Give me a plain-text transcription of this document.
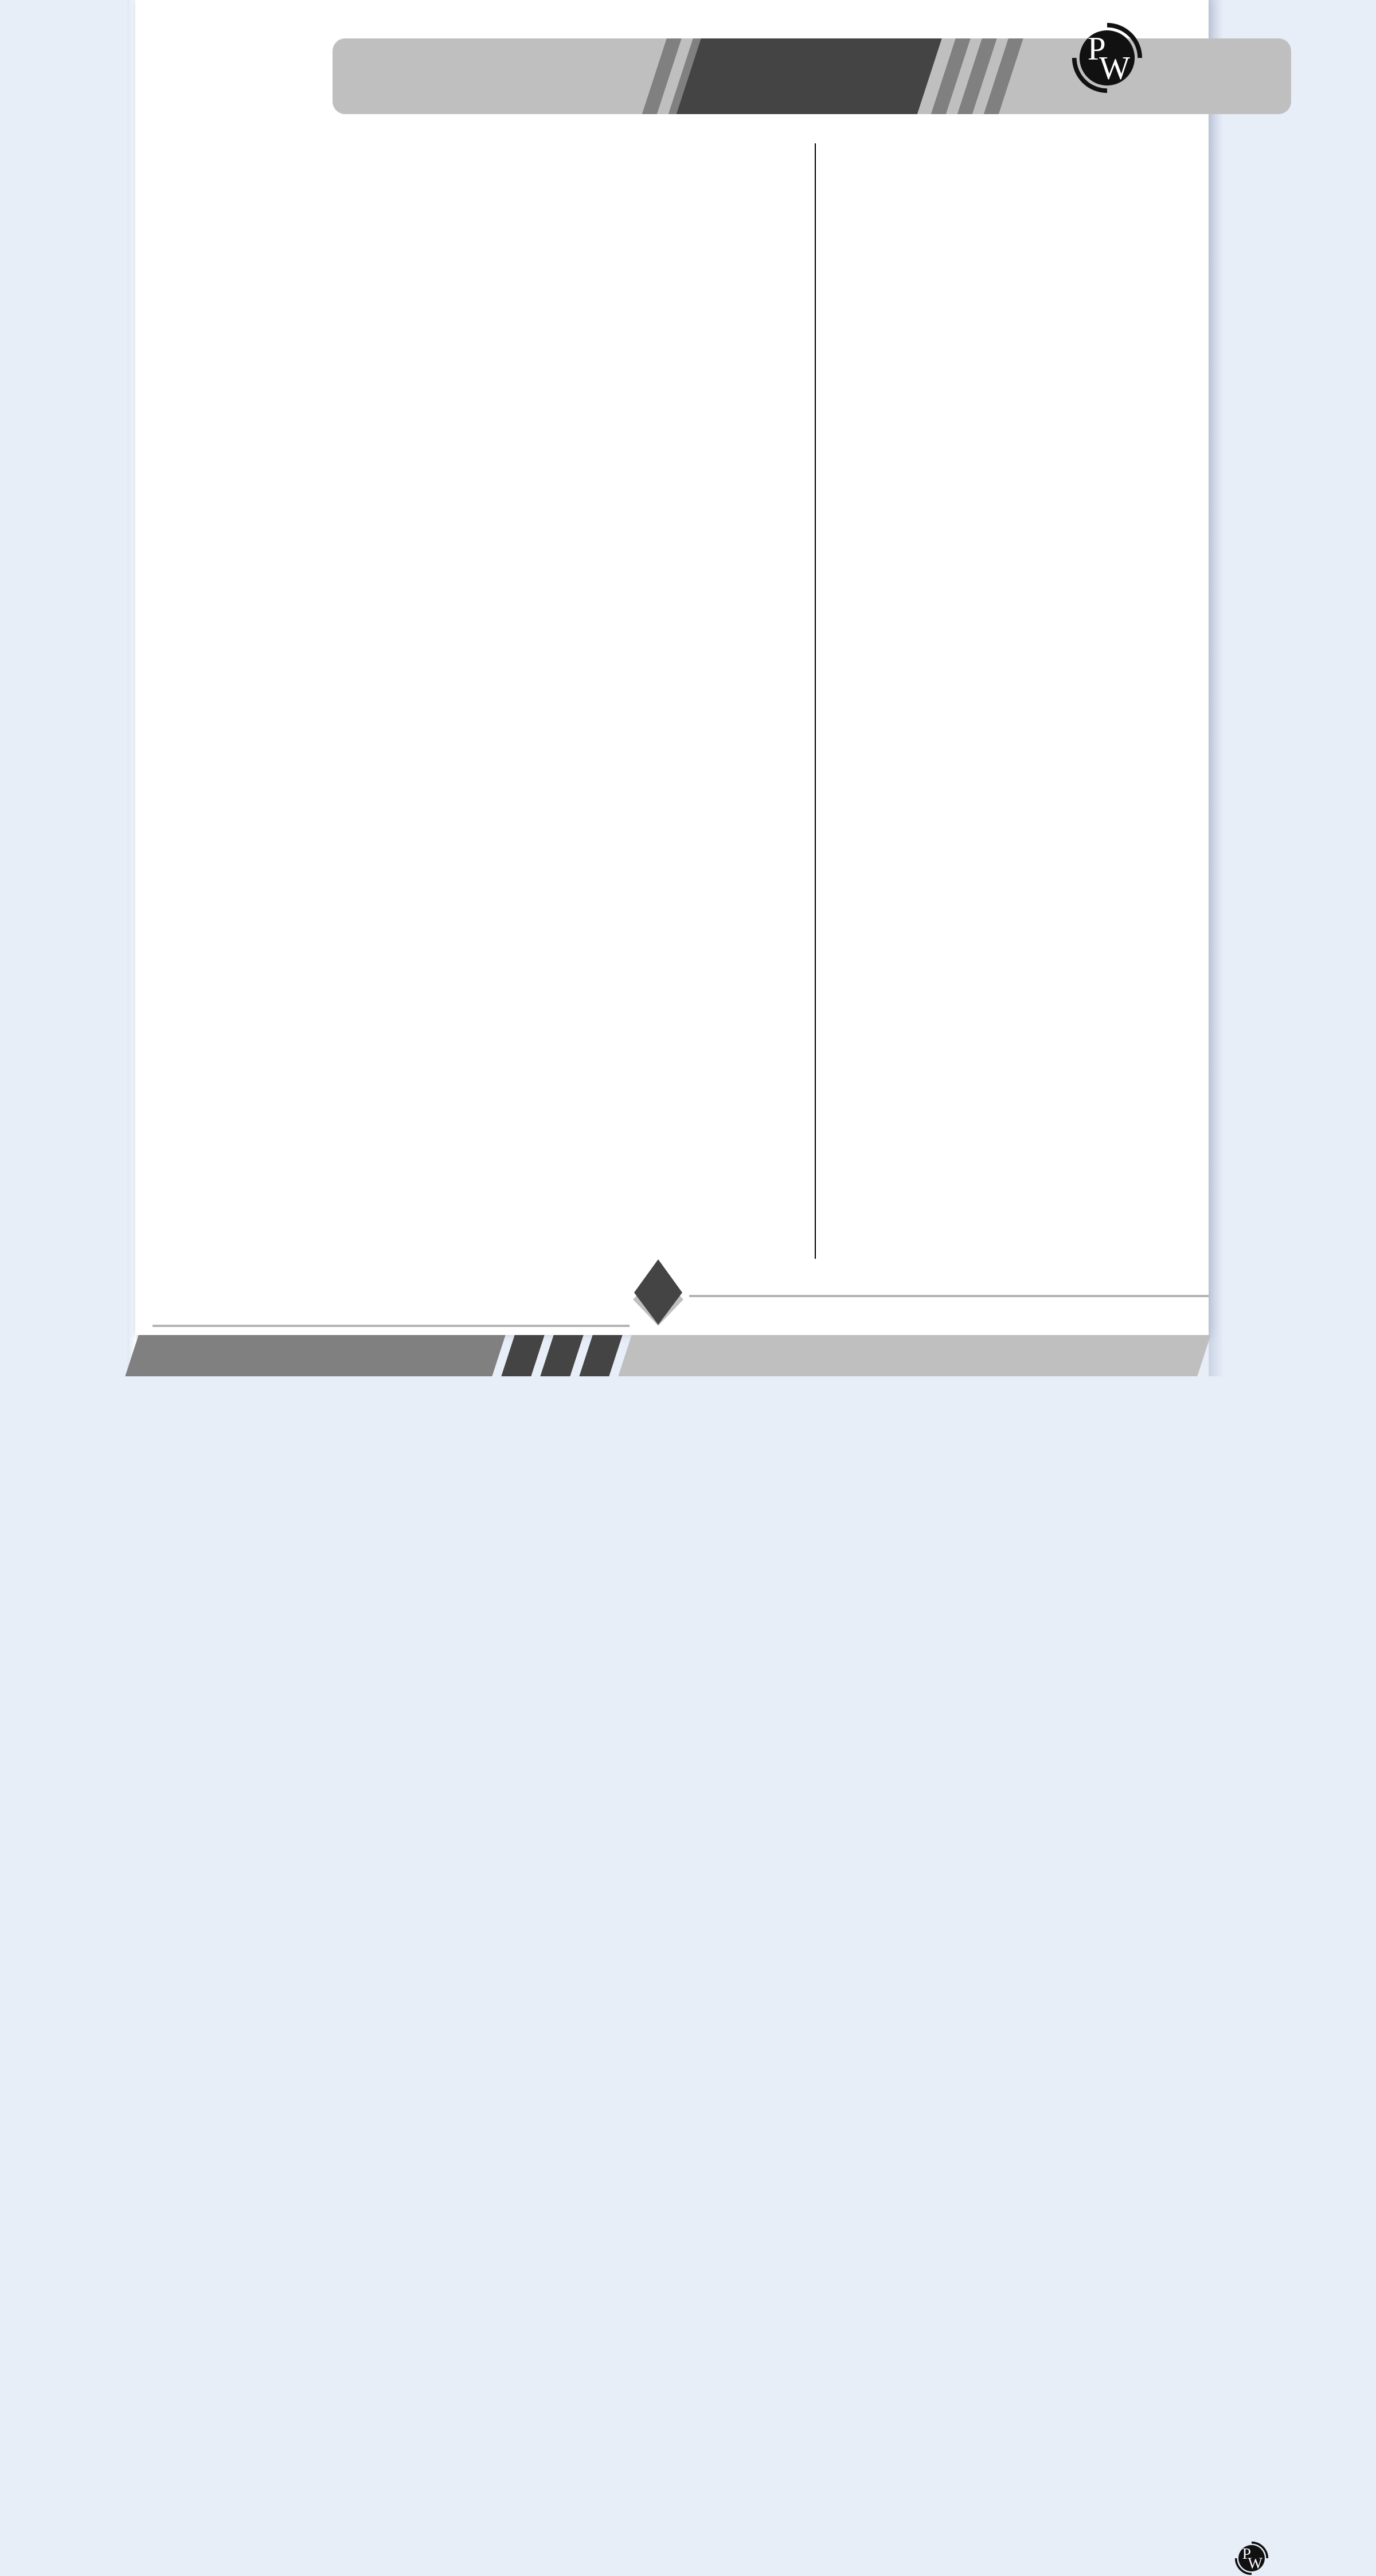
P
W
P
W
